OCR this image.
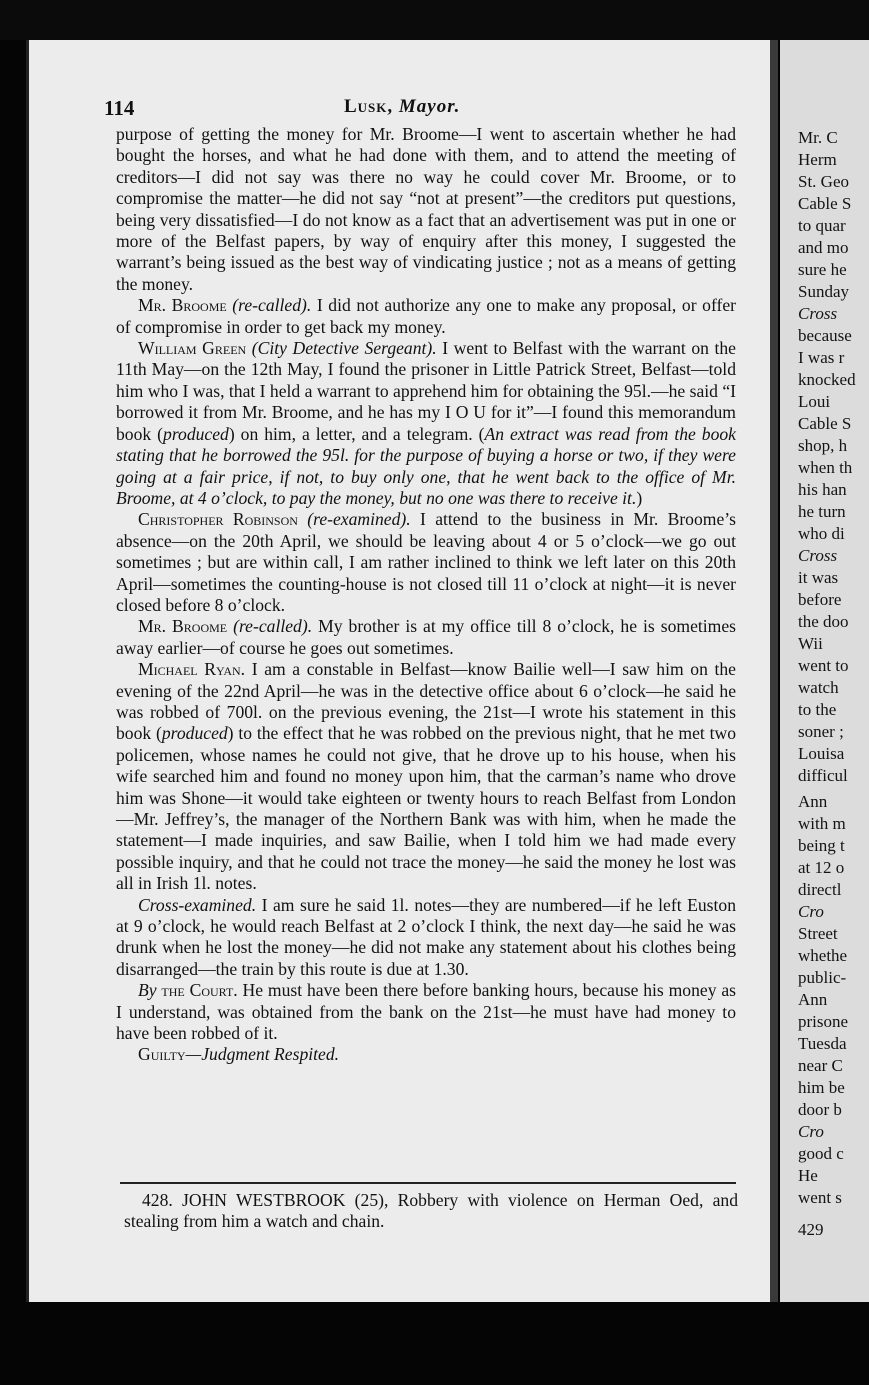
Mr. C
Herm
St. Geo
Cable S
to quar
and mo
sure he
Sunday
Cross
because
I was r
knocked
Loui
Cable S
shop, h
when th
his han
he turn
who di
Cross
it was
before
the doo
Wii
went to
watch
to the
soner ;
Louisa
difficul
Ann
with m
being t
at 12 o
directl
Cro
Street
whethe
public-
Ann
prisone
Tuesda
near C
him be
door b
Cro
good c
He
went s
429
114	Lusk, Mayor.

purpose of getting the money for Mr. Broome—I went to ascertain whether he had bought the horses, and what he had done with them, and to attend the meeting of creditors—I did not say was there no way he could cover Mr. Broome, or to compromise the matter—he did not say “not at present”—the creditors put questions, being very dissatisfied—I do not know as a fact that an advertisement was put in one or more of the Belfast papers, by way of enquiry after this money, I suggested the warrant’s being issued as the best way of vindicating justice ; not as a means of getting the money.

Mr. Broome (re-called). I did not authorize any one to make any proposal, or offer of compromise in order to get back my money.

William Green (City Detective Sergeant). I went to Belfast with the warrant on the 11th May—on the 12th May, I found the prisoner in Little Patrick Street, Belfast—told him who I was, that I held a warrant to apprehend him for obtaining the 95l.—he said “I borrowed it from Mr. Broome, and he has my I O U for it”—I found this memorandum book (produced) on him, a letter, and a telegram. (An extract was read from the book stating that he borrowed the 95l. for the purpose of buying a horse or two, if they were going at a fair price, if not, to buy only one, that he went back to the office of Mr. Broome, at 4 o’clock, to pay the money, but no one was there to receive it.)

Christopher Robinson (re-examined). I attend to the business in Mr. Broome’s absence—on the 20th April, we should be leaving about 4 or 5 o’clock—we go out sometimes ; but are within call, I am rather inclined to think we left later on this 20th April—sometimes the counting-house is not closed till 11 o’clock at night—it is never closed before 8 o’clock.

Mr. Broome (re-called). My brother is at my office till 8 o’clock, he is sometimes away earlier—of course he goes out sometimes.

Michael Ryan. I am a constable in Belfast—know Bailie well—I saw him on the evening of the 22nd April—he was in the detective office about 6 o’clock—he said he was robbed of 700l. on the previous evening, the 21st—I wrote his statement in this book (produced) to the effect that he was robbed on the previous night, that he met two policemen, whose names he could not give, that he drove up to his house, when his wife searched him and found no money upon him, that the carman’s name who drove him was Shone—it would take eighteen or twenty hours to reach Belfast from London—Mr. Jeffrey’s, the manager of the Northern Bank was with him, when he made the statement—I made inquiries, and saw Bailie, when I told him we had made every possible inquiry, and that he could not trace the money—he said the money he lost was all in Irish 1l. notes.

Cross-examined. I am sure he said 1l. notes—they are numbered—if he left Euston at 9 o’clock, he would reach Belfast at 2 o’clock I think, the next day—he said he was drunk when he lost the money—he did not make any statement about his clothes being disarranged—the train by this route is due at 1.30.

By the Court. He must have been there before banking hours, because his money as I understand, was obtained from the bank on the 21st—he must have had money to have been robbed of it.

Guilty—Judgment Respited.

428. JOHN WESTBROOK (25), Robbery with violence on Herman Oed, and stealing from him a watch and chain.
